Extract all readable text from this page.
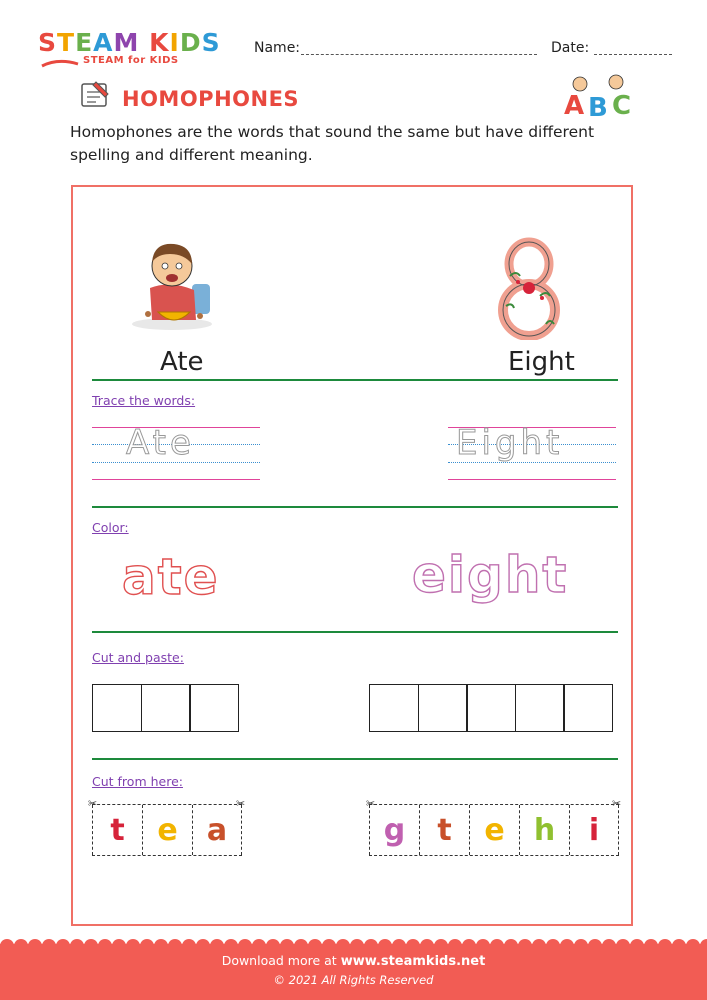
STEAM KIDS
STEAM for KIDS
Name:	Date:
HOMOPHONES	A B C
Homophones are the words that sound the same but have different spelling and different meaning.
Ate	Eight
Trace the words:
Ate	Eight
Color:
ate	eight
Cut and paste:
Cut from here:
t	e a
✂	✂
g	t	e h	i
✂	✂
Download more at www.steamkids.net
© 2021 All Rights Reserved
